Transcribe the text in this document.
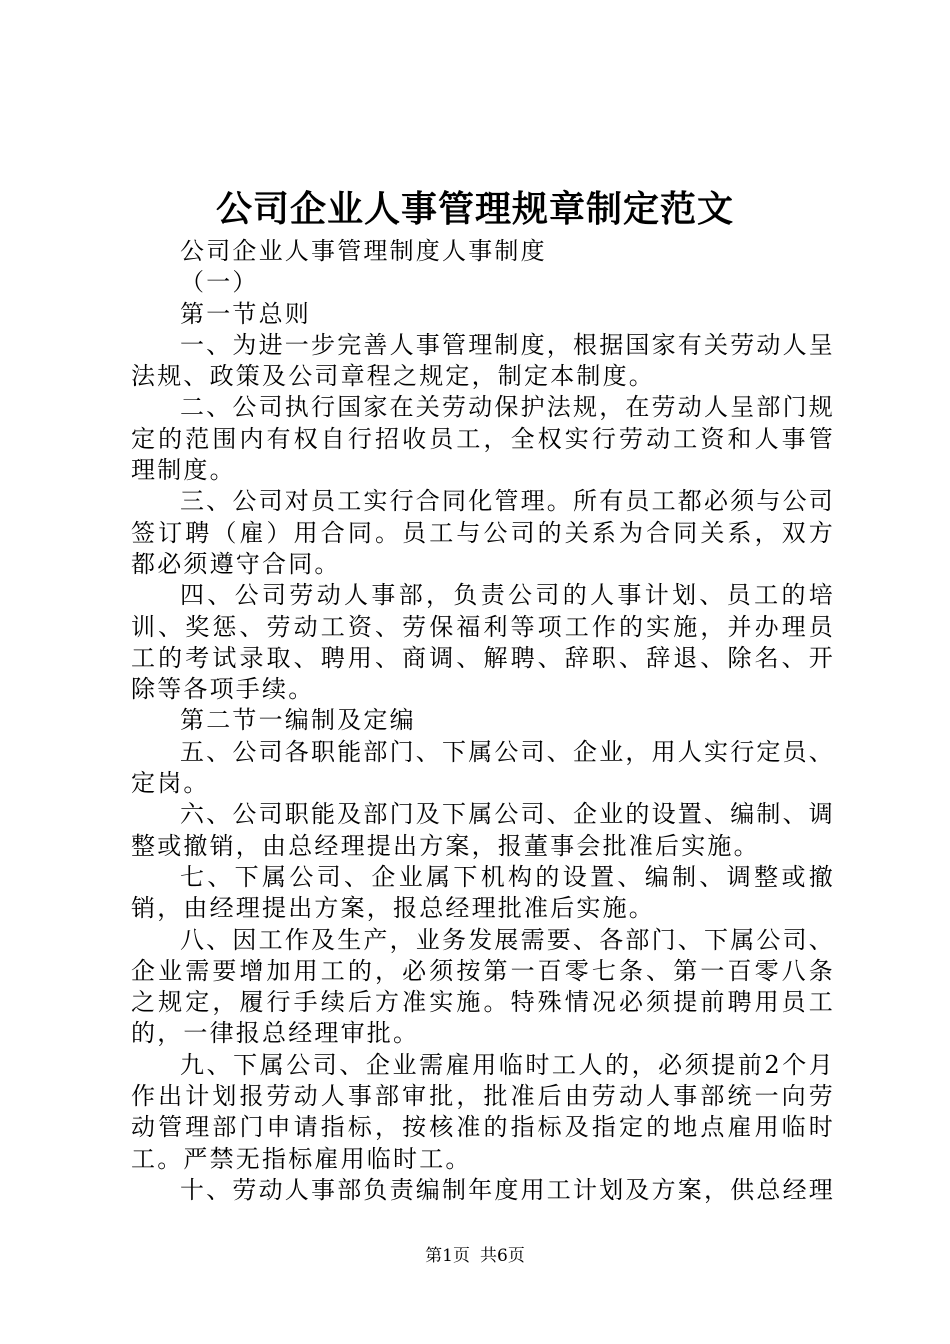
公司企业人事管理规章制定范文

公司企业人事管理制度人事制度

（一）

第一节总则

一、为进一步完善人事管理制度，根据国家有关劳动人呈法规、政策及公司章程之规定，制定本制度。

二、公司执行国家在关劳动保护法规，在劳动人呈部门规定的范围内有权自行招收员工，全权实行劳动工资和人事管理制度。

三、公司对员工实行合同化管理。所有员工都必须与公司签订聘（雇）用合同。员工与公司的关系为合同关系，双方都必须遵守合同。

四、公司劳动人事部，负责公司的人事计划、员工的培训、奖惩、劳动工资、劳保福利等项工作的实施，并办理员工的考试录取、聘用、商调、解聘、辞职、辞退、除名、开除等各项手续。

第二节一编制及定编

五、公司各职能部门、下属公司、企业，用人实行定员、定岗。

六、公司职能及部门及下属公司、企业的设置、编制、调整或撤销，由总经理提出方案，报董事会批准后实施。

七、下属公司、企业属下机构的设置、编制、调整或撤销，由经理提出方案，报总经理批准后实施。

八、因工作及生产，业务发展需要、各部门、下属公司、企业需要增加用工的，必须按第一百零七条、第一百零八条之规定，履行手续后方准实施。特殊情况必须提前聘用员工的，一律报总经理审批。

九、下属公司、企业需雇用临时工人的，必须提前2个月作出计划报劳动人事部审批，批准后由劳动人事部统一向劳动管理部门申请指标，按核准的指标及指定的地点雇用临时工。严禁无指标雇用临时工。

十、劳动人事部负责编制年度用工计划及方案，供总经理

第1页 共6页
